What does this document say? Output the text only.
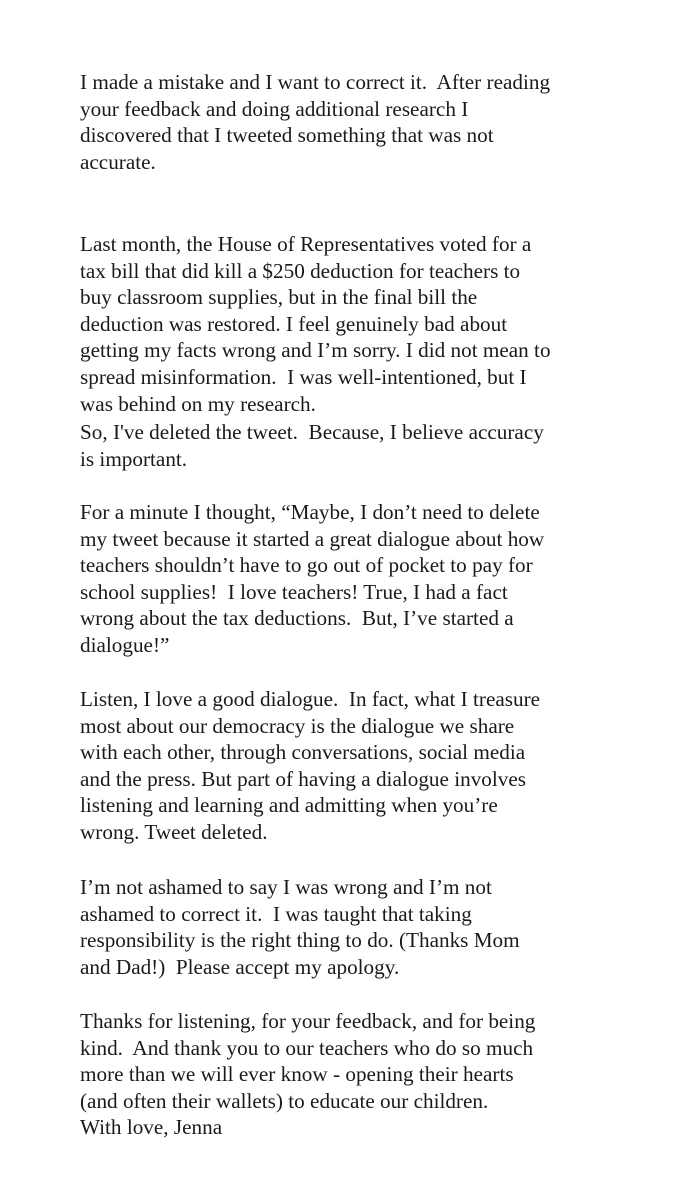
I made a mistake and I want to correct it.  After reading
your feedback and doing additional research I
discovered that I tweeted something that was not
accurate.

Last month, the House of Representatives voted for a
tax bill that did kill a $250 deduction for teachers to
buy classroom supplies, but in the final bill the
deduction was restored. I feel genuinely bad about
getting my facts wrong and I’m sorry. I did not mean to
spread misinformation.  I was well-intentioned, but I
was behind on my research.

So, I've deleted the tweet.  Because, I believe accuracy
is important.

For a minute I thought, “Maybe, I don’t need to delete
my tweet because it started a great dialogue about how
teachers shouldn’t have to go out of pocket to pay for
school supplies!  I love teachers! True, I had a fact
wrong about the tax deductions.  But, I’ve started a
dialogue!”

Listen, I love a good dialogue.  In fact, what I treasure
most about our democracy is the dialogue we share
with each other, through conversations, social media
and the press. But part of having a dialogue involves
listening and learning and admitting when you’re
wrong. Tweet deleted.

I’m not ashamed to say I was wrong and I’m not
ashamed to correct it.  I was taught that taking
responsibility is the right thing to do. (Thanks Mom
and Dad!)  Please accept my apology.

Thanks for listening, for your feedback, and for being
kind.  And thank you to our teachers who do so much
more than we will ever know - opening their hearts
(and often their wallets) to educate our children.
With love, Jenna
